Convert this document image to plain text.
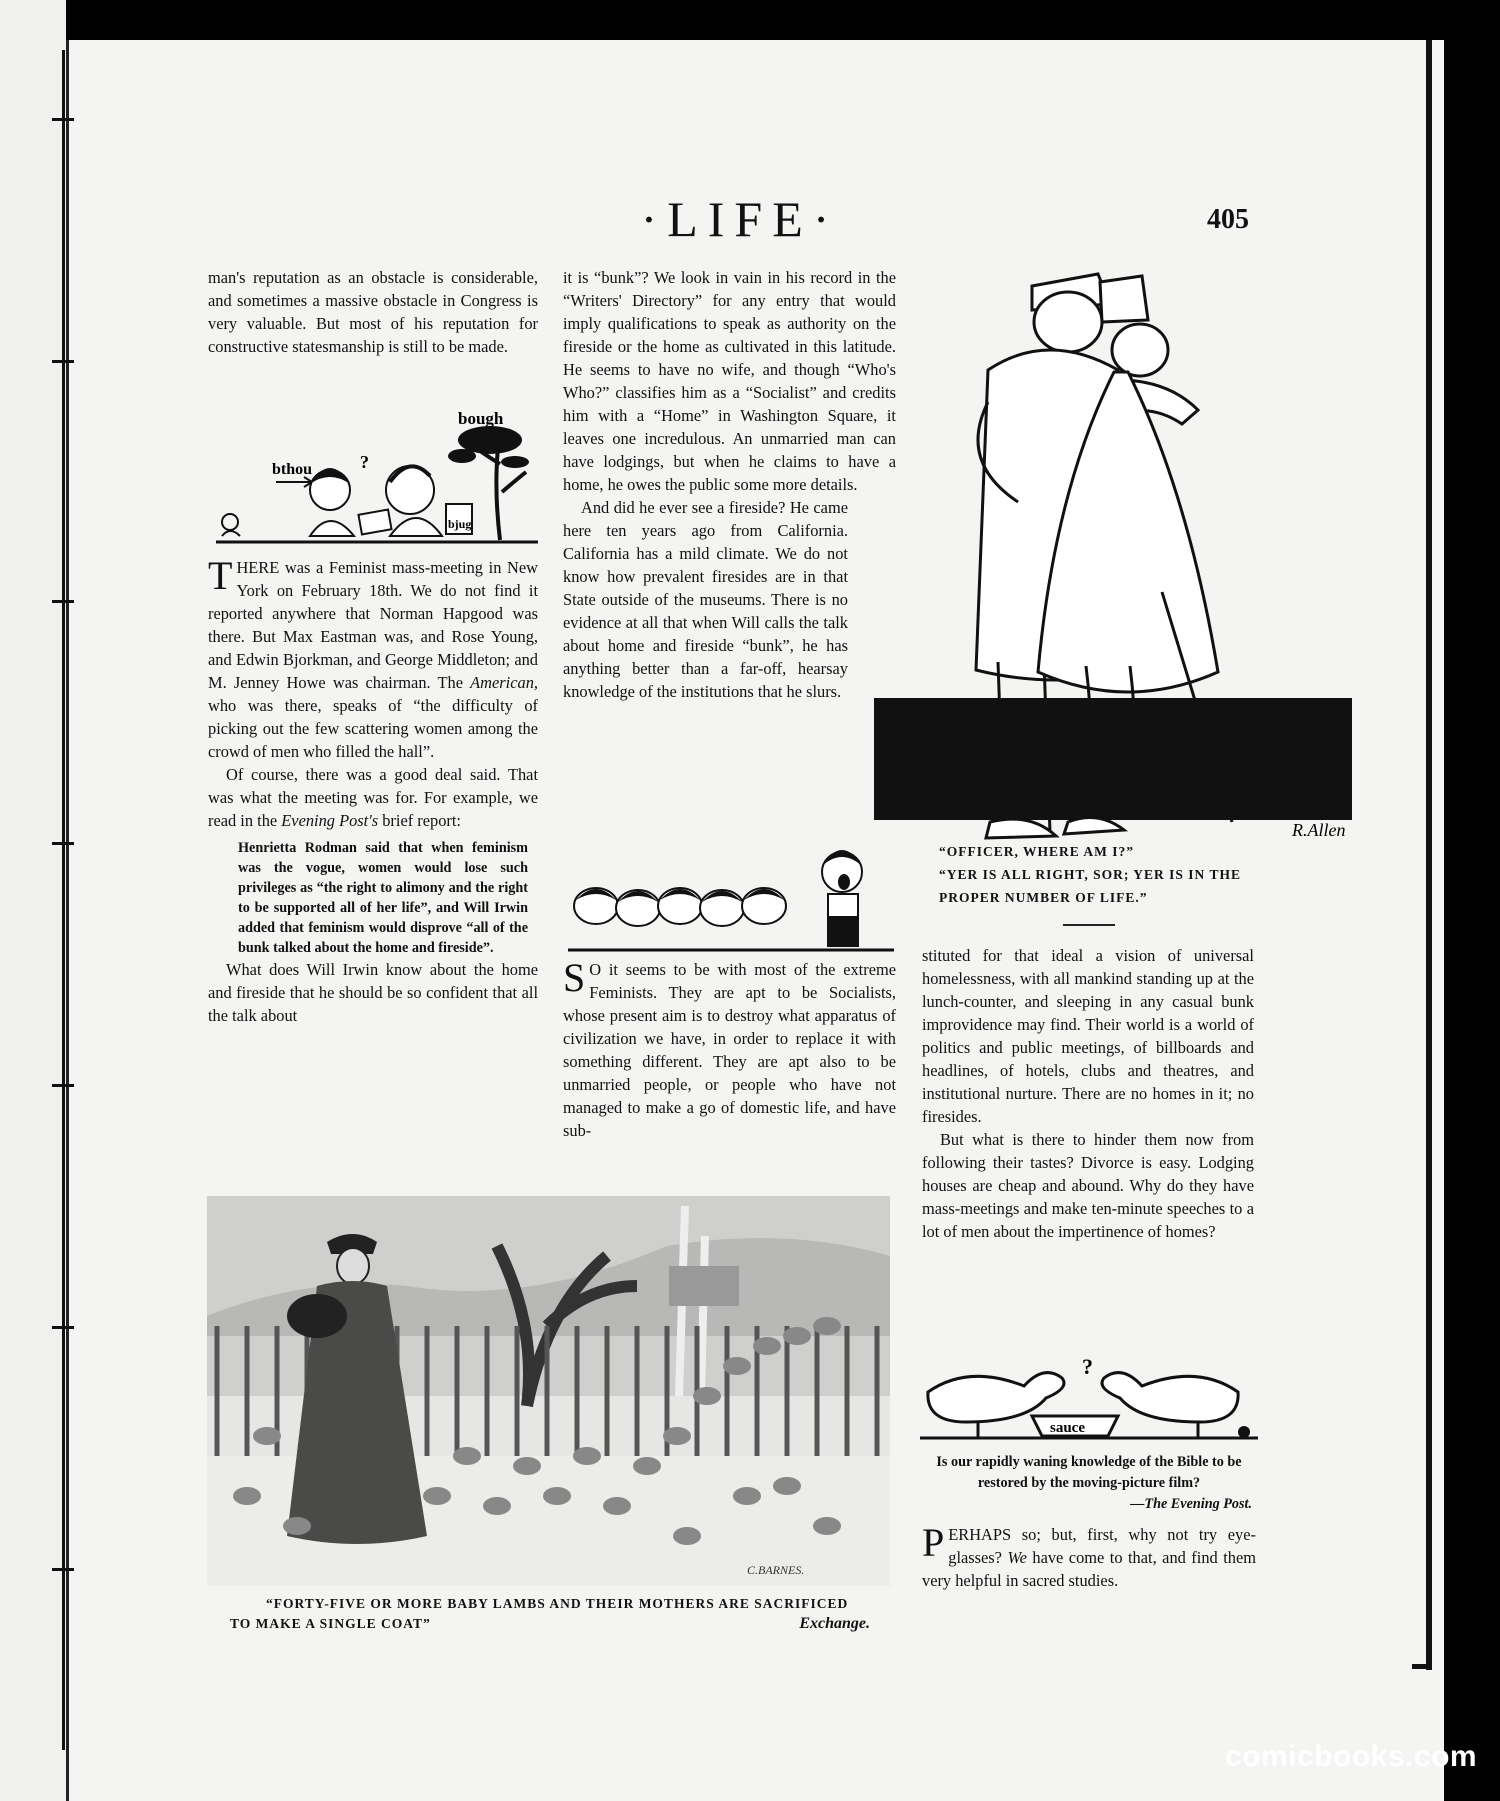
·LIFE·	405

man's reputation as an obstacle is considerable, and sometimes a massive obstacle in Congress is very valuable. But most of his reputation for constructive statesmanship is still to be made.

bthou	?
bjug
bough

THERE was a Feminist mass-meeting in New York on February 18th. We do not find it reported anywhere that Norman Hapgood was there. But Max Eastman was, and Rose Young, and Edwin Bjorkman, and George Middleton; and M. Jenney Howe was chairman. The American, who was there, speaks of “the difficulty of picking out the few scattering women among the crowd of men who filled the hall”.

Of course, there was a good deal said. That was what the meeting was for. For example, we read in the Evening Post's brief report:

Henrietta Rodman said that when feminism was the vogue, women would lose such privileges as “the right to alimony and the right to be supported all of her life”, and Will Irwin added that feminism would disprove “all of the bunk talked about the home and fireside”.

What does Will Irwin know about the home and fireside that he should be so confident that all the talk about

it is “bunk”? We look in vain in his record in the “Writers' Directory” for any entry that would imply qualifications to speak as authority on the fireside or the home as cultivated in this latitude. He seems to have no wife, and though “Who's Who?” classifies him as a “Socialist” and credits him with a “Home” in Washington Square, it leaves one incredulous. An unmarried man can have lodgings, but when he claims to have a home, he owes the public some more details.

And did he ever see a fireside? He came here ten years ago from California. California has a mild climate. We do not know how prevalent firesides are in that State outside of the museums. There is no evidence at all that when Will calls the talk about home and fireside “bunk”, he has anything better than a far-off, hearsay knowledge of the institutions that he slurs.

SO it seems to be with most of the extreme Feminists. They are apt to be Socialists, whose present aim is to destroy what apparatus of civilization we have, in order to replace it with something different. They are apt also to be unmarried people, or people who have not managed to make a go of domestic life, and have sub-

R.Allen
“OFFICER, WHERE AM I?”
“YER IS ALL RIGHT, SOR; YER IS IN THE PROPER NUMBER OF LIFE.”

stituted for that ideal a vision of universal homelessness, with all mankind standing up at the lunch-counter, and sleeping in any casual bunk improvidence may find. Their world is a world of politics and public meetings, of billboards and headlines, of hotels, clubs and theatres, and institutional nurture. There are no homes in it; no firesides.

But what is there to hinder them now from following their tastes? Divorce is easy. Lodging houses are cheap and abound. Why do they have mass-meetings and make ten-minute speeches to a lot of men about the impertinence of homes?

sauce
?

Is our rapidly waning knowledge of the Bible to be restored by the moving-picture film?

—The Evening Post.

PERHAPS so; but, first, why not try eye-glasses? We have come to that, and find them very helpful in sacred studies.

C.BARNES.
“FORTY-FIVE OR MORE BABY LAMBS AND THEIR MOTHERS ARE SACRIFICED TO MAKE A SINGLE COAT”	Exchange.
comicbooks.com
